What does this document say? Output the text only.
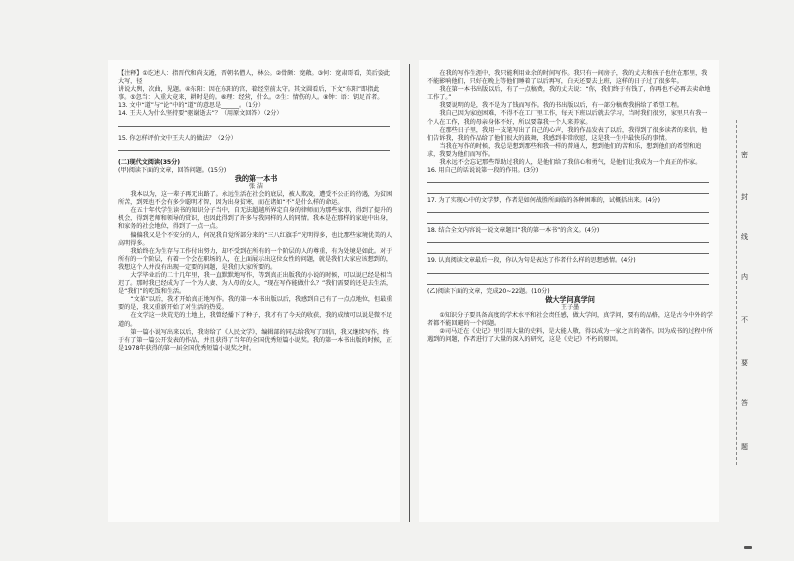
【注释】①讫述人：指晋代和尚支遁，晋朝名僧人，林公。②骨颇：宽敞。③何：宽肃哥看，美后姿此大写，径

讲说大舆，次曲，见题。④东阳：因在东阳的宫，着经堂前太守。其文圆看后，下文“东阳”即指此

事。⑤忽当：入重大竟来，耕时是的。⑥理：经营，什么。⑦生：情伤的人。⑧钟：语：钥足首者。

13. 文中“道”与“论”中的“道”的意思是______。（1分）

14. 王夫人为什么坚持要“驱谢逝去”？（用原文回答）（2分）

15. 你怎样评价文中王夫人的做法？（2分）

(二)现代文阅读(35分)

(甲)阅读下面的文章，回答问题。(15分)

我的第一本书

张 洁

我本以为，这一辈子再无出路了。永远生活在社会的底层，被人欺凌，遭受不公正的待遇，为贫困所苦，到死也不会有多少聪明才智，因为出身贫寒，而在诸如“不”是什么样的命运。

在五十年代学生读书的知识分子当中，自无法超越所界定自身的律师而为那些家事，得到了提升的机会，得到老师和领导的赏识，也因此得到了许多与我同样的人的同情。我本是在那样的家庭中出身，和家务的社会地位，得到了一点一点。

偏偏我又是个不安分的人，何况我自觉所部分来的“三八红旗手”光明得多，也比那些家境优美的人高明得多。

我始终在为生存与工作付出努力，却不受到在所有的一个阶层的人的尊重，有为处境是如此。对于所有的一个阶层，有着一个会在职场的人，在上面展示出这位女性的问题，就是我们大家应该想到的，我想这个人并没有出现一定要的问题，是我们大家所要的。

大学毕业后的二十几年里，我一直默默地写作，等到真正出版我的小说的时候，可以说已经是相当迟了。那时我已经成为了一个为人妻、为人母的女人，“现在写作能做什么？”我们需要的还是去生活，是“我们”的吃饭和生活。

“文革”以后，我才开始真正地写作。我的第一本书出版以后，我感到自己有了一点点地位，但最重要的是，我又重新开始了对生活的热爱。

在文学这一块荒芜的土地上，我曾经播下了种子，我才有了今天的收获，我的成绩可以说是微不足道的。

第一篇小说写出来以后，我寄给了《人民文学》，编辑部的同志给我写了回信，我又继续写作，终于有了第一篇公开发表的作品，并且获得了当年的全国优秀短篇小说奖。我的第一本书出版的时候，正是1978年获得的第一届全国优秀短篇小说奖之时。

在我的写作生涯中，我只能利用业余的时间写作。我只有一间房子，我的丈夫和孩子也住在那里，我不能影响他们，只好在晚上等他们睡着了以后再写，白天还要去上班，这样的日子过了很多年。

我在第一本书出版以后，有了一点稿费，我的丈夫说：“你，我们终于有钱了，你再也不必再去卖命地工作了。”

我要说明的是，我不是为了钱而写作。我的书出版以后，有一部分稿费我捐给了希望工程。

我自己因为家庭困难，不得不在工厂里工作，每天下班以后就去学习，当时我们很穷，家里只有我一个人在工作，我的母亲身体不好，所以要靠我一个人来养家。

在那些日子里，我用一支笔写出了自己的心声，我的作品发表了以后，我得到了很多读者的来信，他们告诉我，我的作品给了他们很大的鼓舞，我感到非常欣慰，这是我一生中最快乐的事情。

当我在写作的时候，我总是想到那些和我一样的普通人，想到他们的苦和乐，想到他们的希望和追求，我要为他们而写作。

我永远不会忘记那些帮助过我的人，是他们给了我信心和勇气，是他们让我成为一个真正的作家。

16. 用自己的话说说第一段的作用。(3分)

17. 为了实现心中的文学梦，作者是如何战胜所面临的各种困难的，试概括出来。(4分)

18. 结合全文内容说一说文章题目“我的第一本书”的含义。(4分)

19. 认真阅读文章最后一段，你认为句是表达了作者什么样的思想感情。(4分)

(乙)阅读下面的文章，完成20~22题。(10分)

做大学问真学问

王子墨

①知识分子要具备高度的学术水平和社会责任感，做大学问，真学问，要有的品格，这是古今中外的学者都不能回避的一个问题。

②司马迁在《史记》里引用大量的史料，是大能人敬，得以成为一家之言的著作。因为成书的过程中所遇到的问题，作者进行了大量的深入的研究，这是《史记》不朽的原因。

密
封
线
内
不
要
答
题
